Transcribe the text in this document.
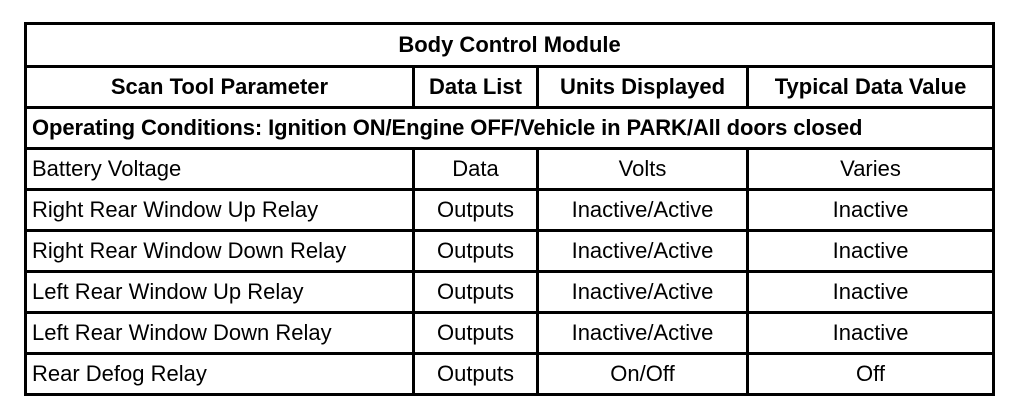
Body Control Module			
Scan Tool Parameter	Data List	Units Displayed	Typical Data Value
Operating Conditions: Ignition ON/Engine OFF/Vehicle in PARK/All doors closed			
Battery Voltage	Data	Volts	Varies
Right Rear Window Up Relay	Outputs	Inactive/Active	Inactive
Right Rear Window Down Relay	Outputs	Inactive/Active	Inactive
Left Rear Window Up Relay	Outputs	Inactive/Active	Inactive
Left Rear Window Down Relay	Outputs	Inactive/Active	Inactive
Rear Defog Relay	Outputs	On/Off	Off
